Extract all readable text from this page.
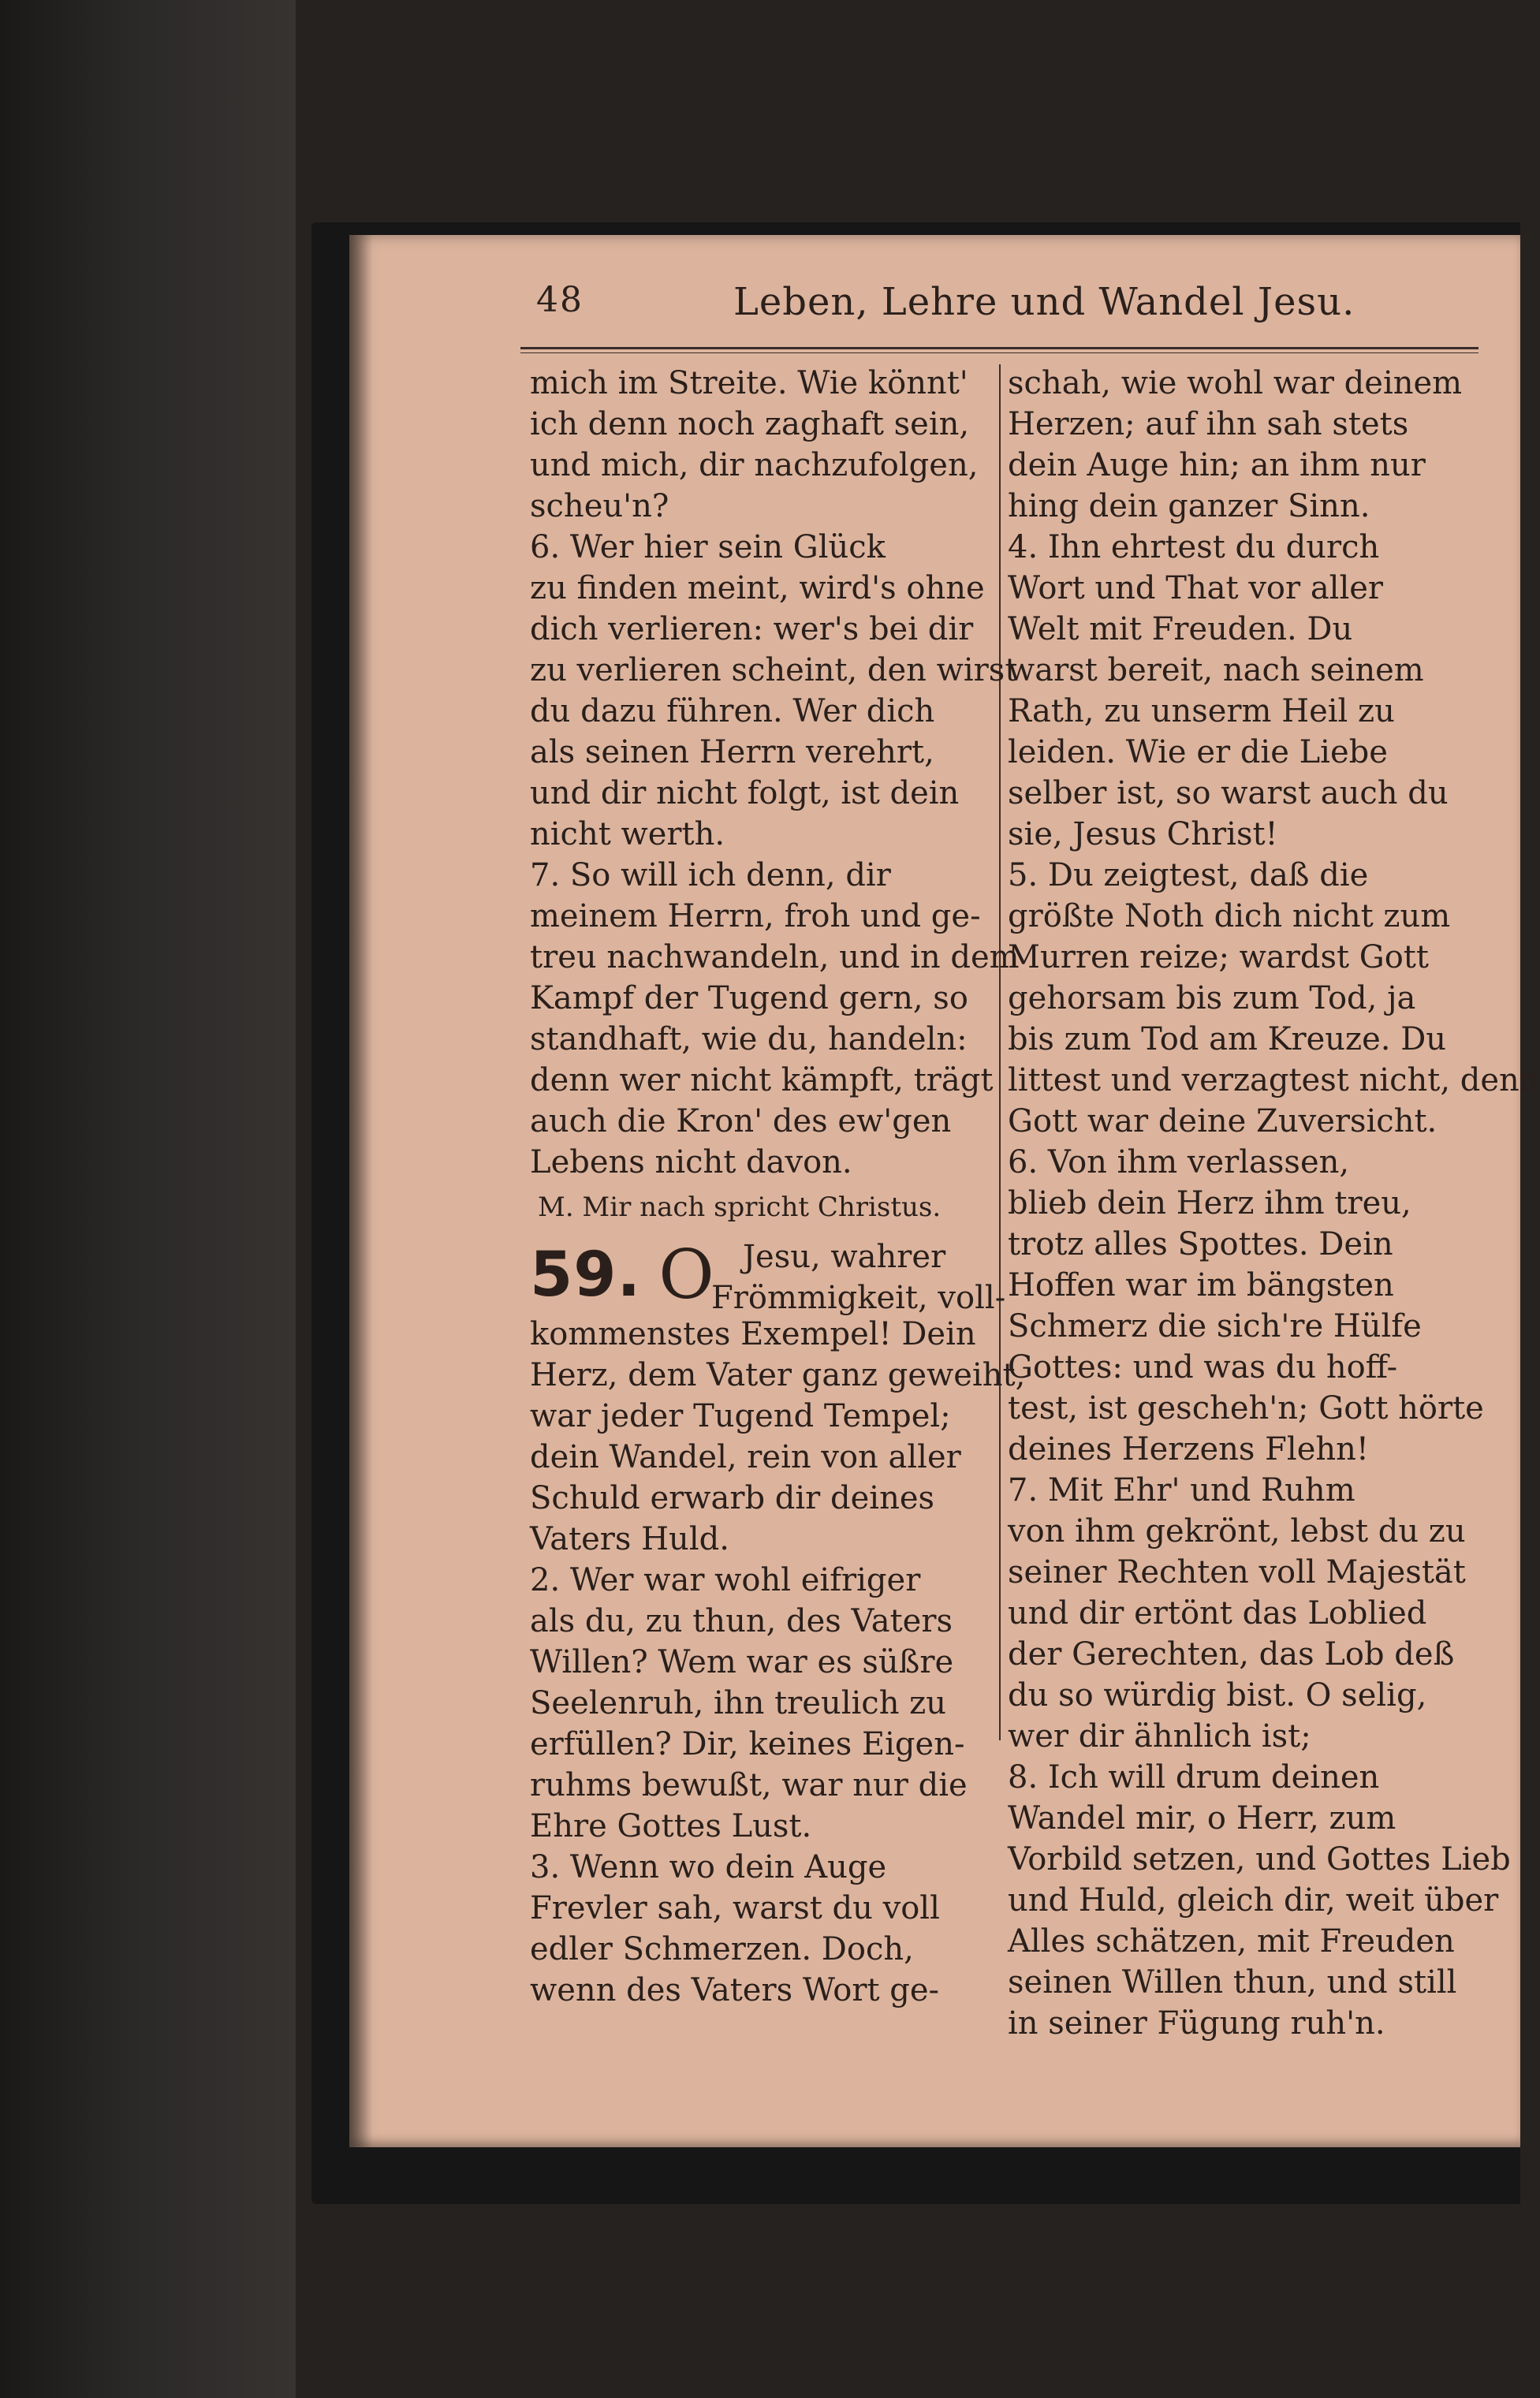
48	Leben, Lehre und Wandel Jesu.
mich im Streite. Wie könnt'
ich denn noch zaghaft sein,
und mich, dir nachzufolgen,
scheu'n?
6. Wer hier sein Glück
zu finden meint, wird's ohne
dich verlieren: wer's bei dir
zu verlieren scheint, den wirst
du dazu führen. Wer dich
als seinen Herrn verehrt,
und dir nicht folgt, ist dein
nicht werth.
7. So will ich denn, dir
meinem Herrn, froh und ge-
treu nachwandeln, und in dem
Kampf der Tugend gern, so
standhaft, wie du, handeln:
denn wer nicht kämpft, trägt
auch die Kron' des ew'gen
Lebens nicht davon.
M. Mir nach spricht Christus.
59. O Jesu, wahrer
Frömmigkeit, voll-
kommenstes Exempel! Dein
Herz, dem Vater ganz geweiht,
war jeder Tugend Tempel;
dein Wandel, rein von aller
Schuld erwarb dir deines
Vaters Huld.
2. Wer war wohl eifriger
als du, zu thun, des Vaters
Willen? Wem war es süßre
Seelenruh, ihn treulich zu
erfüllen? Dir, keines Eigen-
ruhms bewußt, war nur die
Ehre Gottes Lust.
3. Wenn wo dein Auge
Frevler sah, warst du voll
edler Schmerzen. Doch,
wenn des Vaters Wort ge-
schah, wie wohl war deinem
Herzen; auf ihn sah stets
dein Auge hin; an ihm nur
hing dein ganzer Sinn.
4. Ihn ehrtest du durch
Wort und That vor aller
Welt mit Freuden. Du
warst bereit, nach seinem
Rath, zu unserm Heil zu
leiden. Wie er die Liebe
selber ist, so warst auch du
sie, Jesus Christ!
5. Du zeigtest, daß die
größte Noth dich nicht zum
Murren reize; wardst Gott
gehorsam bis zum Tod, ja
bis zum Tod am Kreuze. Du
littest und verzagtest nicht, denn
Gott war deine Zuversicht.
6. Von ihm verlassen,
blieb dein Herz ihm treu,
trotz alles Spottes. Dein
Hoffen war im bängsten
Schmerz die sich're Hülfe
Gottes: und was du hoff-
test, ist gescheh'n; Gott hörte
deines Herzens Flehn!
7. Mit Ehr' und Ruhm
von ihm gekrönt, lebst du zu
seiner Rechten voll Majestät
und dir ertönt das Loblied
der Gerechten, das Lob deß
du so würdig bist. O selig,
wer dir ähnlich ist;
8. Ich will drum deinen
Wandel mir, o Herr, zum
Vorbild setzen, und Gottes Lieb
und Huld, gleich dir, weit über
Alles schätzen, mit Freuden
seinen Willen thun, und still
in seiner Fügung ruh'n.
